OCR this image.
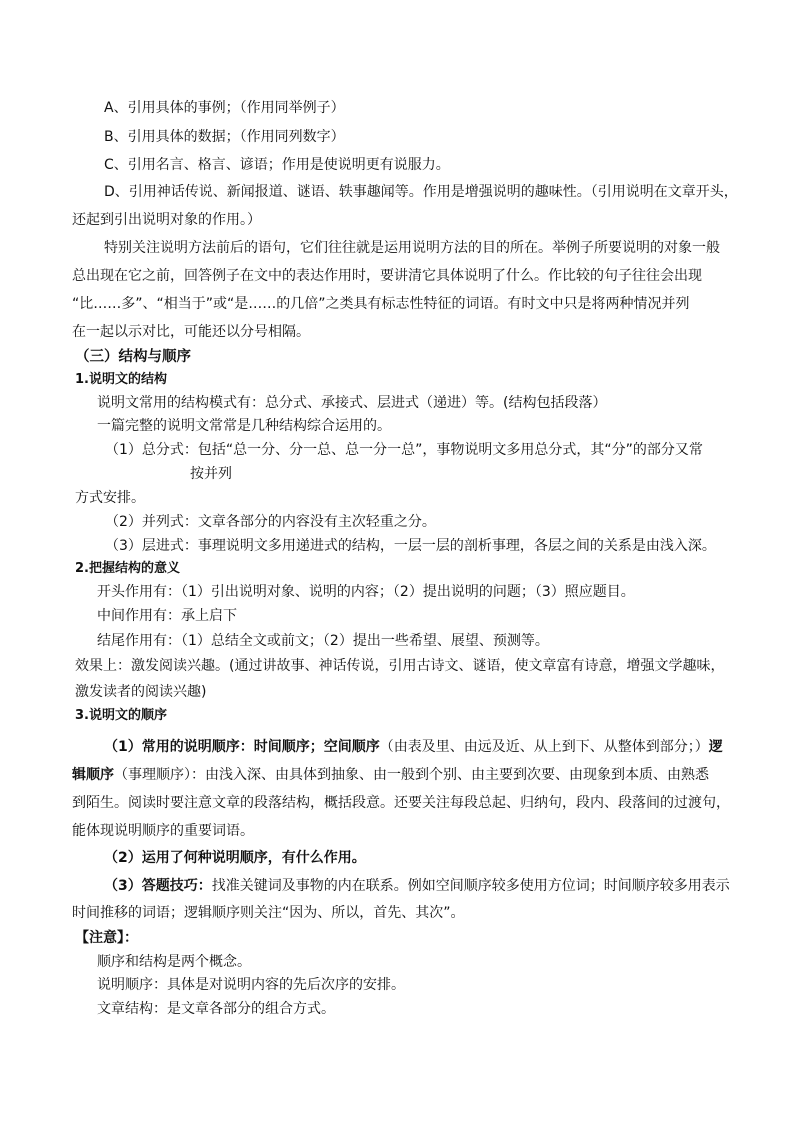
A、引用具体的事例；（作用同举例子）
B、引用具体的数据；（作用同列数字）
C、引用名言、格言、谚语；作用是使说明更有说服力。
D、引用神话传说、新闻报道、谜语、轶事趣闻等。作用是增强说明的趣味性。（引用说明在文章开头，
还起到引出说明对象的作用。）
特别关注说明方法前后的语句，它们往往就是运用说明方法的目的所在。举例子所要说明的对象一般
总出现在它之前，回答例子在文中的表达作用时，要讲清它具体说明了什么。作比较的句子往往会出现
“比……多”、“相当于”或“是……的几倍”之类具有标志性特征的词语。有时文中只是将两种情况并列
在一起以示对比，可能还以分号相隔。
（三）结构与顺序
1.说明文的结构
说明文常用的结构模式有：总分式、承接式、层进式（递进）等。(结构包括段落）
一篇完整的说明文常常是几种结构综合运用的。
（1）总分式：包括“总一分、分一总、总一分一总”，事物说明文多用总分式，其“分”的部分又常
按并列
方式安排。
（2）并列式：文章各部分的内容没有主次轻重之分。
（3）层进式：事理说明文多用递进式的结构，一层一层的剖析事理，各层之间的关系是由浅入深。
2.把握结构的意义
开头作用有：（1）引出说明对象、说明的内容；（2）提出说明的问题；（3）照应题目。
中间作用有：承上启下
结尾作用有：（1）总结全文或前文；（2）提出一些希望、展望、预测等。
效果上：激发阅读兴趣。(通过讲故事、神话传说，引用古诗文、谜语，使文章富有诗意，增强文学趣味，
激发读者的阅读兴趣)
3.说明文的顺序
（1）常用的说明顺序：时间顺序；空间顺序（由表及里、由远及近、从上到下、从整体到部分；）逻
辑顺序（事理顺序）：由浅入深、由具体到抽象、由一般到个别、由主要到次要、由现象到本质、由熟悉
到陌生。阅读时要注意文章的段落结构，概括段意。还要关注每段总起、归纳句，段内、段落间的过渡句，
能体现说明顺序的重要词语。
（2）运用了何种说明顺序，有什么作用。
（3）答题技巧：找准关键词及事物的内在联系。例如空间顺序较多使用方位词；时间顺序较多用表示
时间推移的词语；逻辑顺序则关注“因为、所以，首先、其次”。
【注意】：
顺序和结构是两个概念。
说明顺序：具体是对说明内容的先后次序的安排。
文章结构：是文章各部分的组合方式。
